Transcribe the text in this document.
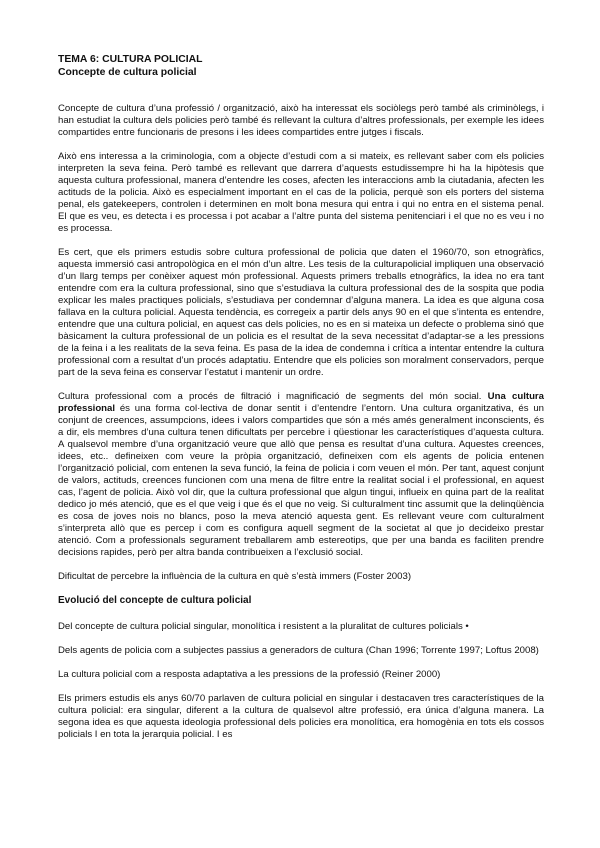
TEMA 6: CULTURA POLICIAL

Concepte de cultura policial

Concepte de cultura d’una professió / organització, això ha interessat els sociòlegs però també als criminòlegs, i han estudiat la cultura dels policies però també és rellevant la cultura d’altres professionals, per exemple les idees compartides entre funcionaris de presons i les idees compartides entre jutges i fiscals.

Això ens interessa a la criminologia, com a objecte d’estudi com a si mateix, es rellevant saber com els policies interpreten la seva feina. Però també es rellevant que darrera d’aquests estudissempre hi ha la hipòtesis que aquesta cultura professional, manera d’entendre les coses, afecten les interaccions amb la ciutadania, afecten les actituds de la policia. Això es especialment important en el cas de la policia, perquè son els porters del sistema penal, els gatekeepers, controlen i determinen en molt bona mesura qui entra i qui no entra en el sistema penal. El que es veu, es detecta i es processa i pot acabar a l’altre punta del sistema penitenciari i el que no es veu i no es processa.

Es cert, que els primers estudis sobre cultura professional de policia que daten el 1960/70, son etnogràfics, aquesta immersió casi antropològica en el món d’un altre. Les tesis de la culturapolicial impliquen una observació d’un llarg temps per conèixer aquest món professional. Aquests primers treballs etnogràfics, la idea no era tant entendre com era la cultura professional, sino que s’estudiava la cultura professional des de la sospita que podia explicar les males practiques policials, s’estudiava per condemnar d’alguna manera. La idea es que alguna cosa fallava en la cultura policial. Aquesta tendència, es corregeix a partir dels anys 90 en el que s’intenta es entendre, entendre que una cultura policial, en aquest cas dels policies, no es en si mateixa un defecte o problema sinó que bàsicament la cultura professional de un policia es el resultat de la seva necessitat d’adaptar-se a les pressions de la feina i a les realitats de la seva feina. Es pasa de la idea de condemna i crítica a intentar entendre la cultura professional com a resultat d’un procés adaptatiu. Entendre que els policies son moralment conservadors, perque part de la seva feina es conservar l’estatut i mantenir un ordre.

Cultura professional com a procés de filtració i magnificació de segments del món social. Una cultura professional és una forma col·lectiva de donar sentit i d’entendre l’entorn. Una cultura organitzativa, és un conjunt de creences, assumpcions, idees i valors compartides que són a més amés generalment inconscients, és a dir, els membres d’una cultura tenen dificultats per percebre i qüestionar les característiques d’aquesta cultura. A qualsevol membre d’una organització veure que allò que pensa es resultat d’una cultura. Aquestes creences, idees, etc.. defineixen com veure la pròpia organització, defineixen com els agents de policia entenen l’organització policial, com entenen la seva funció, la feina de policia i com veuen el món. Per tant, aquest conjunt de valors, actituds, creences funcionen com una mena de filtre entre la realitat social i el professional, en aquest cas, l’agent de policia. Això vol dir, que la cultura professional que algun tingui, influeix en quina part de la realitat dedico jo més atenció, que es el que veig i que és el que no veig. Si culturalment tinc assumit que la delinqüència es cosa de joves nois no blancs, poso la meva atenció aquesta gent. Es rellevant veure com culturalment s’interpreta allò que es percep i com es configura aquell segment de la societat al que jo decideixo prestar atenció. Com a professionals segurament treballarem amb estereotips, que per una banda es faciliten prendre decisions rapides, però per altra banda contribueixen a l’exclusió social.

Dificultat de percebre la influència de la cultura en què s’està immers (Foster 2003)

Evolució del concepte de cultura policial

Del concepte de cultura policial singular, monolítica i resistent a la pluralitat de cultures policials •

Dels agents de policia com a subjectes passius a generadors de cultura (Chan 1996; Torrente 1997; Loftus 2008)

La cultura policial com a resposta adaptativa a les pressions de la professió (Reiner 2000)

Els primers estudis els anys 60/70 parlaven de cultura policial en singular i destacaven tres característiques de la cultura policial: era singular, diferent a la cultura de qualsevol altre professió, era única d’alguna manera. La segona idea es que aquesta ideologia professional dels policies era monolítica, era homogènia en tots els cossos policials I en tota la jerarquia policial. I es
